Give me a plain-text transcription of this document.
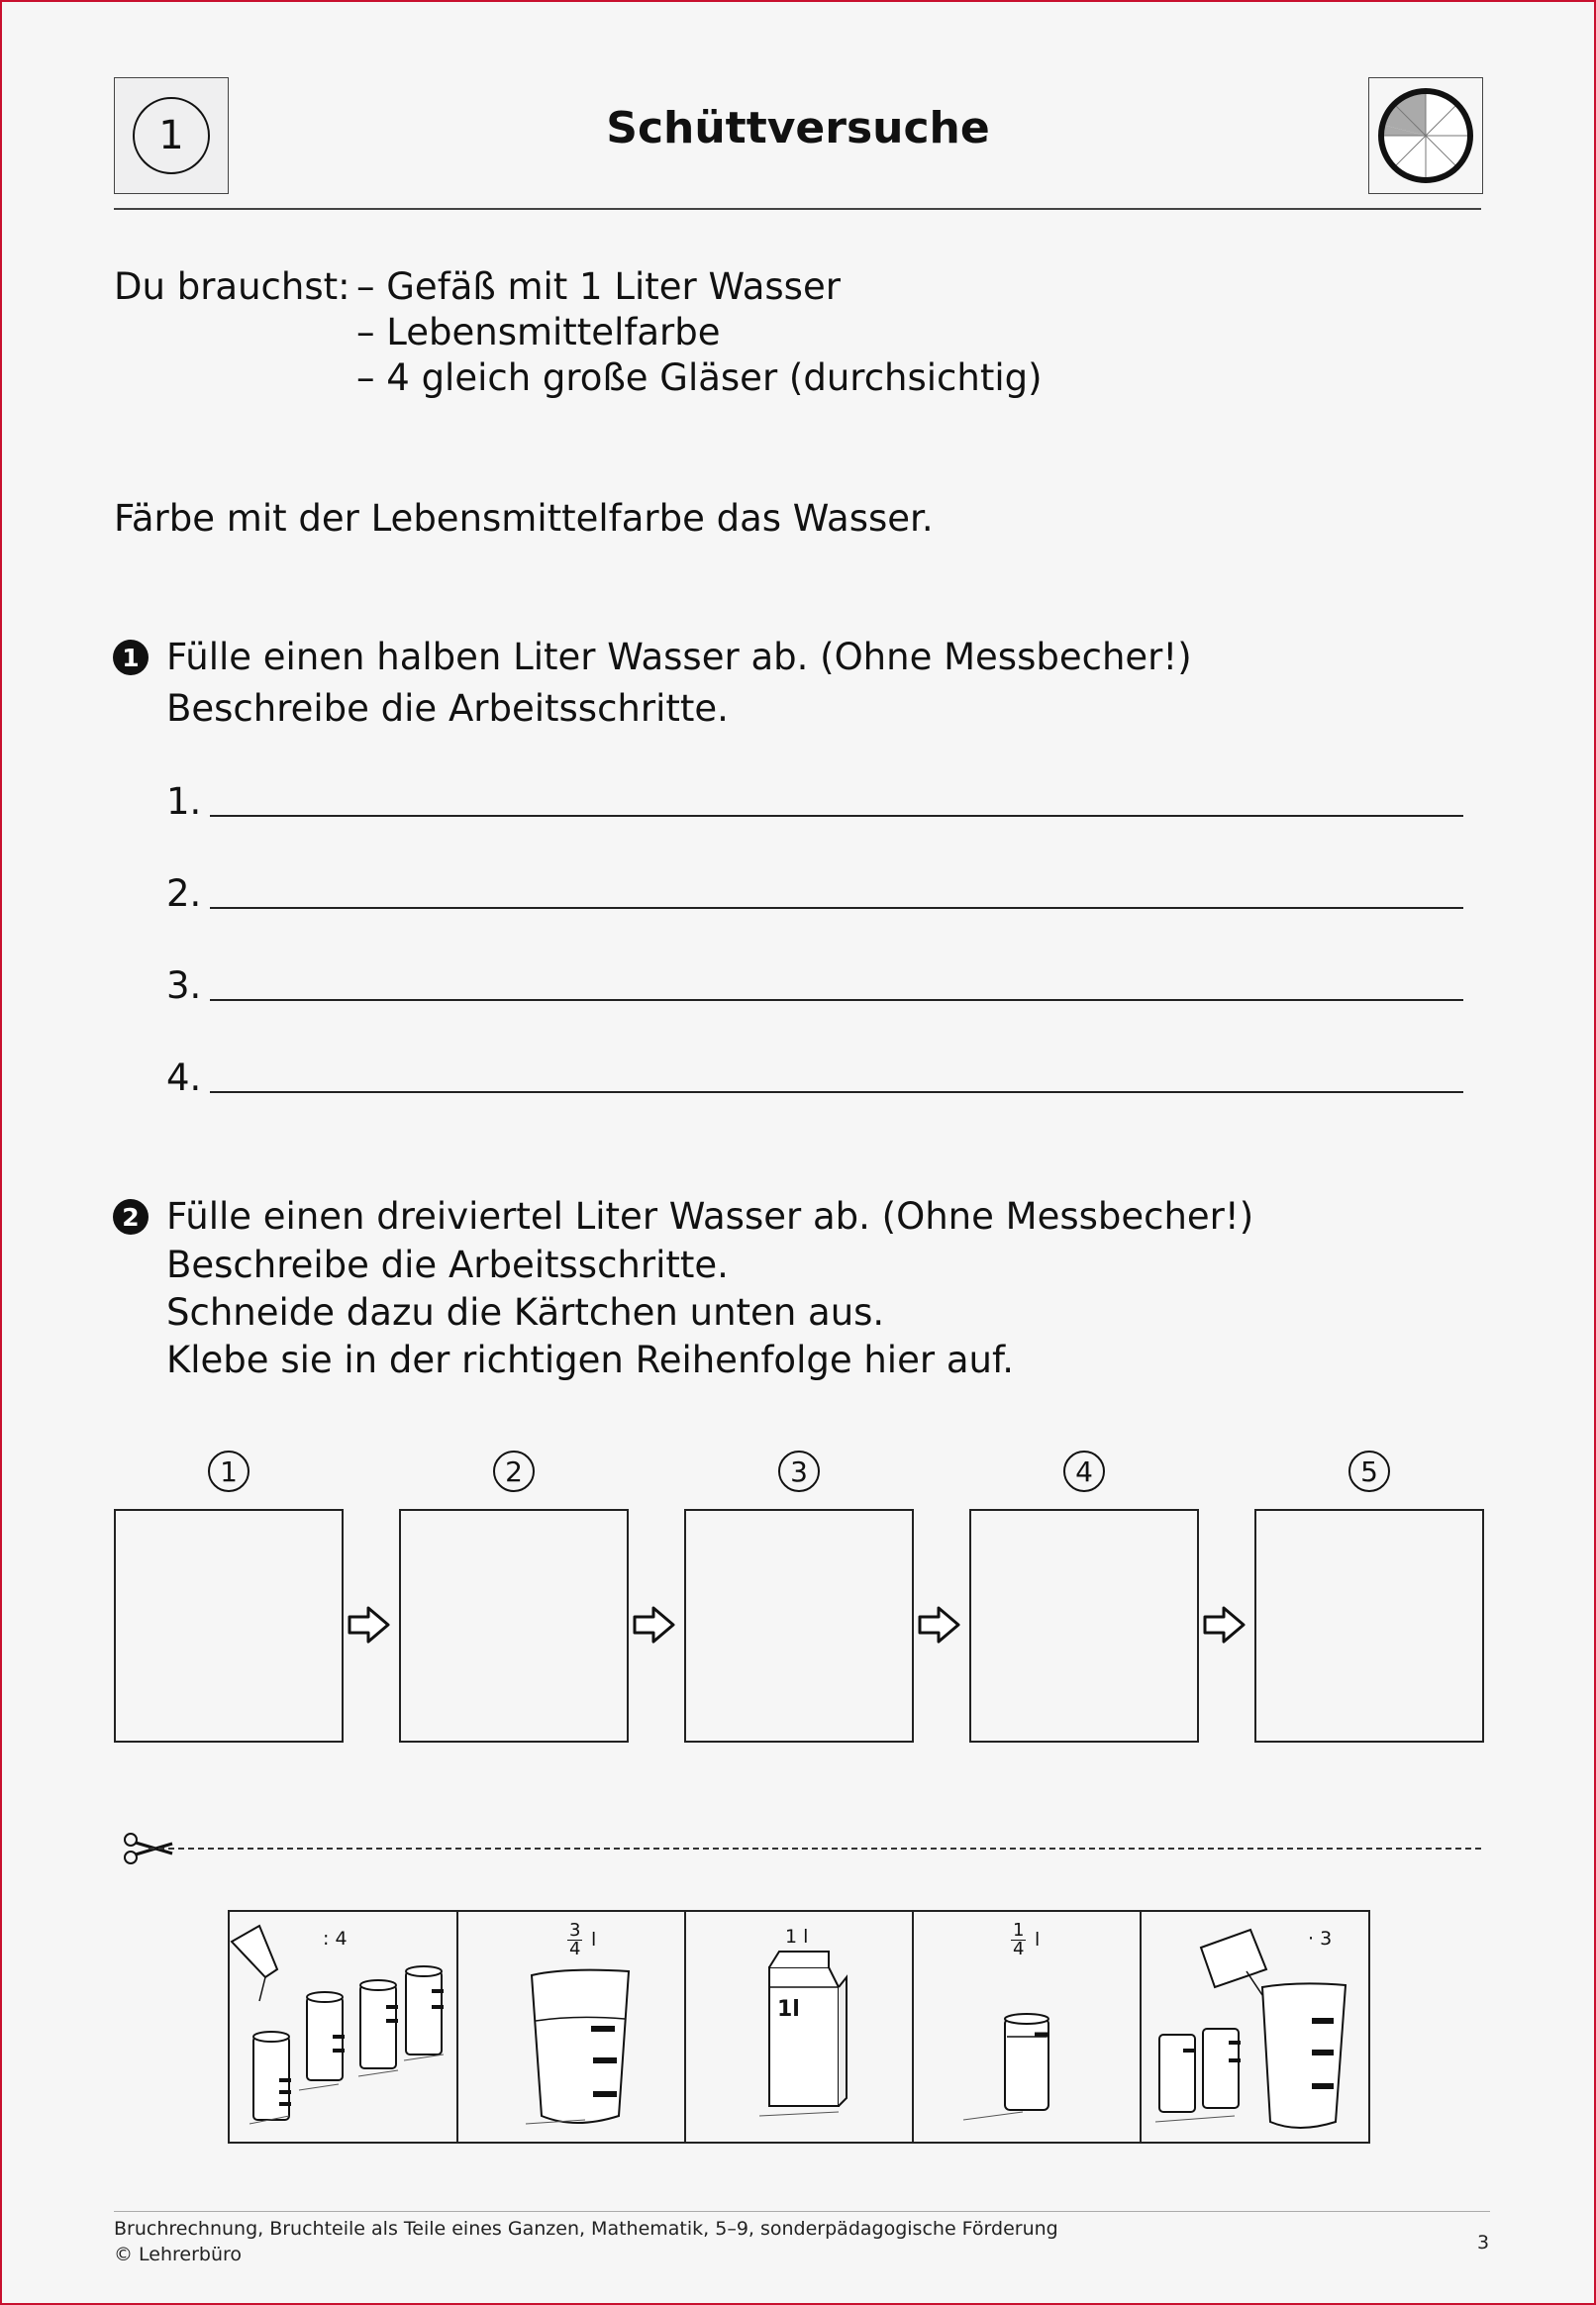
1	Schüttversuche
Du brauchst: – Gefäß mit 1 Liter Wasser
– Lebensmittelfarbe
– 4 gleich große Gläser (durchsichtig)
Färbe mit der Lebensmittelfarbe das Wasser.
1 Fülle einen halben Liter Wasser ab. (Ohne Messbecher!)
Beschreibe die Arbeitsschritte.
1.
2.
3.
4.
2 Fülle einen dreiviertel Liter Wasser ab. (Ohne Messbecher!)
Beschreibe die Arbeitsschritte.
Schneide dazu die Kärtchen unten aus.
Klebe sie in der richtigen Reihenfolge hier auf.
1	2	3	4	5
: 4	$\frac{3}{4}$ l	1 l
1l
$\frac{1}{4}$ l	· 3
Bruchrechnung, Bruchteile als Teile eines Ganzen, Mathematik, 5–9, sonderpädagogische Förderung
© Lehrerbüro
3
